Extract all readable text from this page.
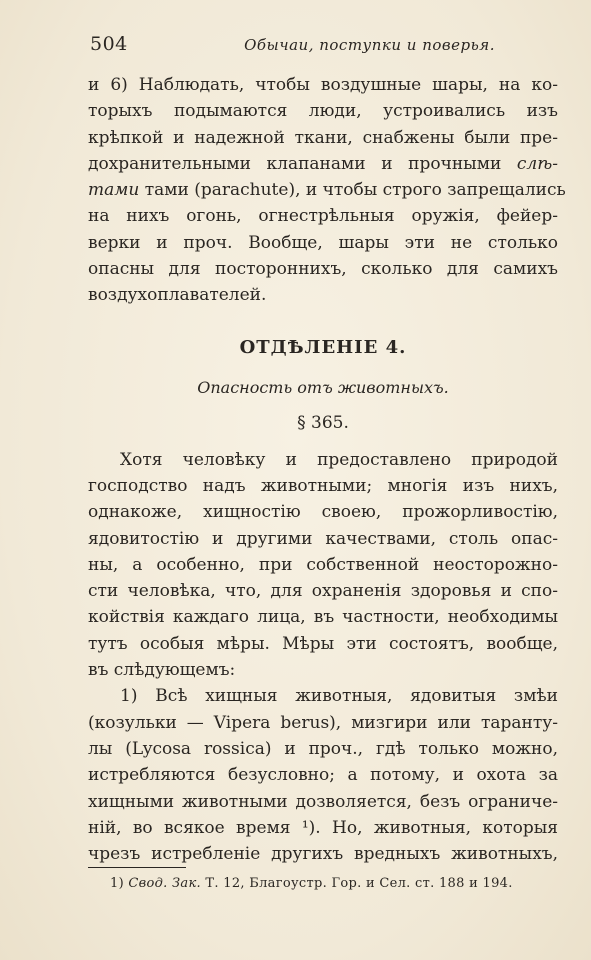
504	Обычаи, поступки и поверья.
и 6) Наблюдать, чтобы воздушные шары, на ко-
торыхъ подымаются люди, устроивались изъ
крѣпкой и надежной ткани, снабжены были пре-
дохранительными клапанами и прочными слѣ-
тами тами (parachute), и чтобы строго запрещались
на нихъ огонь, огнестрѣльныя оружія, фейер-
верки и проч. Вообще, шары эти не столько
опасны для постороннихъ, сколько для самихъ
воздухоплавателей.
ОТДѢЛЕНІЕ 4.
Опасность отъ животныхъ.
§ 365.
Хотя человѣку и предоставлено природой
господство надъ животными; многія изъ нихъ,
однакоже, хищностію своею, прожорливостію,
ядовитостію и другими качествами, столь опас-
ны, а особенно, при собственной неосторожно-
сти человѣка, что, для охраненія здоровья и спо-
койствія каждаго лица, въ частности, необходимы
тутъ особыя мѣры. Мѣры эти состоятъ, вообще,
въ слѣдующемъ:
1) Всѣ хищныя животныя, ядовитыя змѣи
(козульки — Vipera berus), мизгири или таранту-
лы (Lycosa rossica) и проч., гдѣ только можно,
истребляются безусловно; а потому, и охота за
хищными животными дозволяется, безъ ограниче-
ній, во всякое время ¹). Но, животныя, которыя
чрезъ истребленіе другихъ вредныхъ животныхъ,
1) Свод. Зак. Т. 12, Благоустр. Гор. и Сел. ст. 188 и 194.
